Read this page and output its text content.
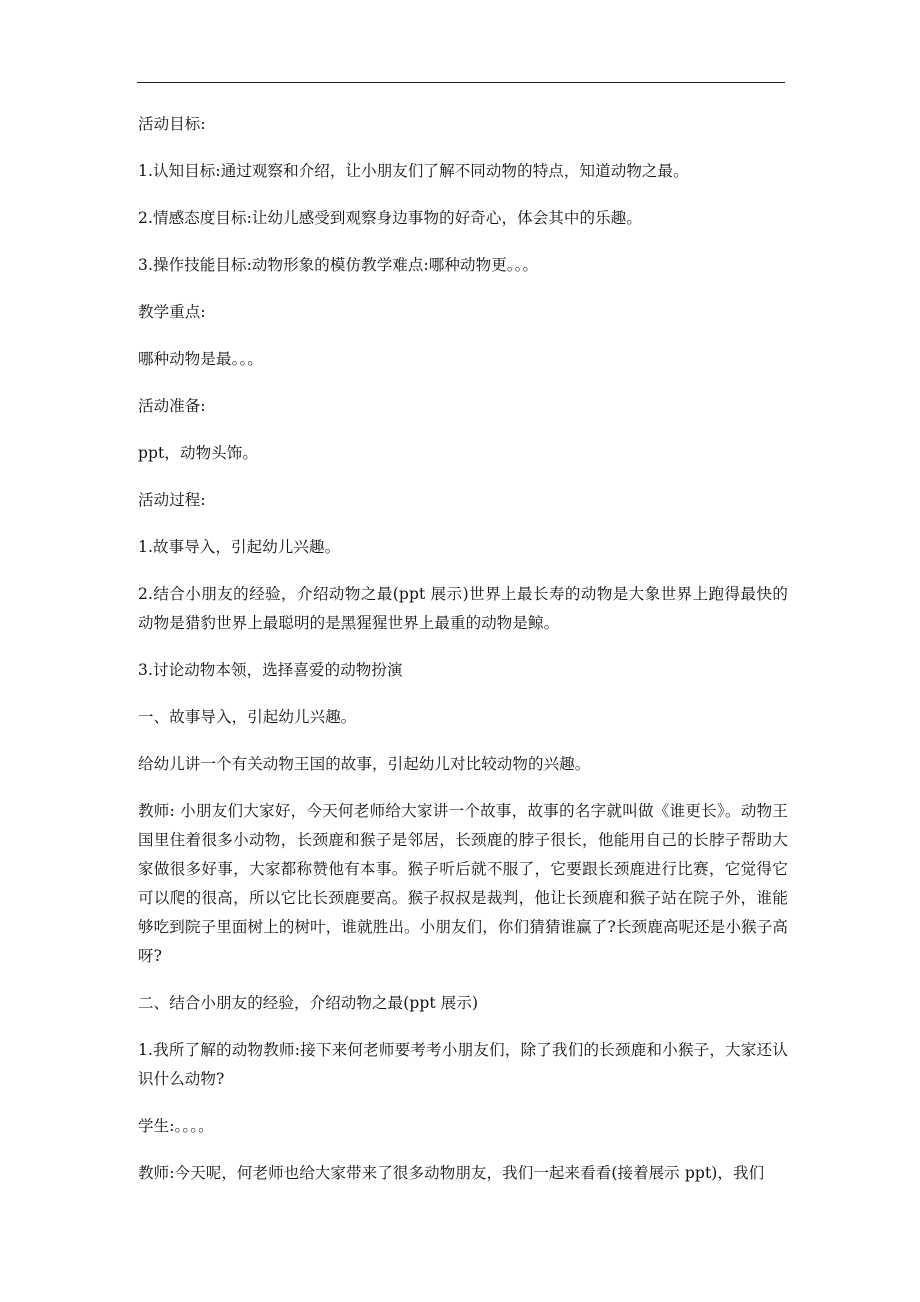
活动目标:

1.认知目标:通过观察和介绍，让小朋友们了解不同动物的特点，知道动物之最。

2.情感态度目标:让幼儿感受到观察身边事物的好奇心，体会其中的乐趣。

3.操作技能目标:动物形象的模仿教学难点:哪种动物更。。。

教学重点:

哪种动物是最。。。

活动准备:

ppt，动物头饰。

活动过程:

1.故事导入，引起幼儿兴趣。

2.结合小朋友的经验，介绍动物之最(ppt 展示)世界上最长寿的动物是大象世界上跑得最快的动物是猎豹世界上最聪明的是黑猩猩世界上最重的动物是鲸。

3.讨论动物本领，选择喜爱的动物扮演

一、故事导入，引起幼儿兴趣。

给幼儿讲一个有关动物王国的故事，引起幼儿对比较动物的兴趣。

教师: 小朋友们大家好，今天何老师给大家讲一个故事，故事的名字就叫做《谁更长》。动物王国里住着很多小动物，长颈鹿和猴子是邻居，长颈鹿的脖子很长，他能用自己的长脖子帮助大家做很多好事，大家都称赞他有本事。猴子听后就不服了，它要跟长颈鹿进行比赛，它觉得它可以爬的很高，所以它比长颈鹿要高。猴子叔叔是裁判，他让长颈鹿和猴子站在院子外，谁能够吃到院子里面树上的树叶，谁就胜出。小朋友们，你们猜猜谁赢了?长颈鹿高呢还是小猴子高呀?

二、结合小朋友的经验，介绍动物之最(ppt 展示)

1.我所了解的动物教师:接下来何老师要考考小朋友们，除了我们的长颈鹿和小猴子，大家还认识什么动物?

学生:。。。。

教师:今天呢，何老师也给大家带来了很多动物朋友，我们一起来看看(接着展示 ppt)，我们
